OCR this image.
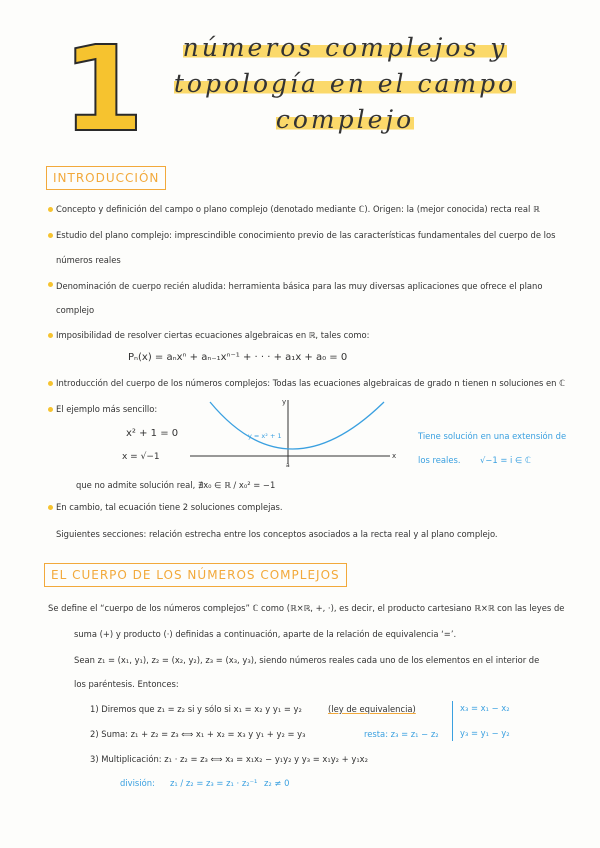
1	números complejos y
topología en el campo
complejo
INTRODUCCIÓN
Concepto y definición del campo o plano complejo (denotado mediante ℂ). Origen: la (mejor conocida) recta real ℝ
Estudio del plano complejo: imprescindible conocimiento previo de las características fundamentales del cuerpo de los
números reales
Denominación de cuerpo recién aludida: herramienta básica para las muy diversas aplicaciones que ofrece el plano
complejo
Imposibilidad de resolver ciertas ecuaciones algebraicas en ℝ, tales como:
Pₙ(x) = aₙxⁿ + aₙ₋₁xⁿ⁻¹ + · · · + a₁x + a₀ = 0
Introducción del cuerpo de los números complejos: Todas las ecuaciones algebraicas de grado n tienen n soluciones en ℂ
El ejemplo más sencillo:
x² + 1 = 0
x = √−1
y
x
a
y = x² + 1	Tiene solución en una extensión de
los reales. √−1 = i ∈ ℂ
que no admite solución real, ∄x₀ ∈ ℝ / x₀² = −1
En cambio, tal ecuación tiene 2 soluciones complejas.
Siguientes secciones: relación estrecha entre los conceptos asociados a la recta real y al plano complejo.
EL CUERPO DE LOS NÚMEROS COMPLEJOS
Se define el “cuerpo de los números complejos” ℂ como (ℝ×ℝ, +, ·), es decir, el producto cartesiano ℝ×ℝ con las leyes de
suma (+) y producto (·) definidas a continuación, aparte de la relación de equivalencia ‘=’.
Sean z₁ = (x₁, y₁), z₂ = (x₂, y₂), z₃ = (x₃, y₃), siendo números reales cada uno de los elementos en el interior de
los paréntesis. Entonces:
1) Diremos que z₁ = z₂ si y sólo si x₁ = x₂ y y₁ = y₂	(ley de equivalencia)
2) Suma: z₁ + z₂ = z₃ ⟺ x₁ + x₂ = x₃ y y₁ + y₂ = y₃	resta: z₃ = z₁ − z₂
x₃ = x₁ − x₂
y₃ = y₁ − y₂
3) Multiplicación: z₁ · z₂ = z₃ ⟺ x₃ = x₁x₂ − y₁y₂ y y₃ = x₁y₂ + y₁x₂
división: z₁ / z₂ = z₃ = z₁ · z₂⁻¹ z₂ ≠ 0
